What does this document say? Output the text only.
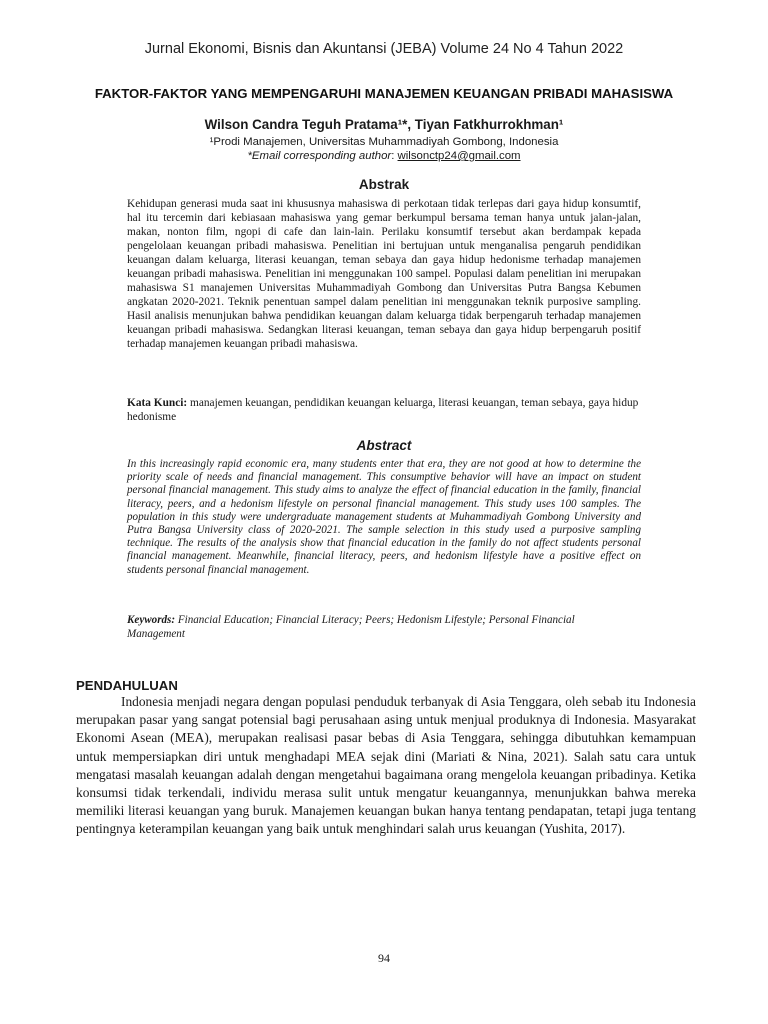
Jurnal Ekonomi, Bisnis dan Akuntansi (JEBA) Volume 24 No 4 Tahun 2022
FAKTOR-FAKTOR YANG MEMPENGARUHI MANAJEMEN KEUANGAN PRIBADI MAHASISWA
Wilson Candra Teguh Pratama¹*, Tiyan Fatkhurrokhman¹
¹Prodi Manajemen, Universitas Muhammadiyah Gombong, Indonesia
*Email corresponding author: wilsonctp24@gmail.com
Abstrak
Kehidupan generasi muda saat ini khususnya mahasiswa di perkotaan tidak terlepas dari gaya hidup konsumtif, hal itu tercemin dari kebiasaan mahasiswa yang gemar berkumpul bersama teman hanya untuk jalan-jalan, makan, nonton film, ngopi di cafe dan lain-lain. Perilaku konsumtif tersebut akan berdampak kepada pengelolaan keuangan pribadi mahasiswa. Penelitian ini bertujuan untuk menganalisa pengaruh pendidikan keuangan dalam keluarga, literasi keuangan, teman sebaya dan gaya hidup hedonisme terhadap manajemen keuangan pribadi mahasiswa. Penelitian ini menggunakan 100 sampel. Populasi dalam penelitian ini merupakan mahasiswa S1 manajemen Universitas Muhammadiyah Gombong dan Universitas Putra Bangsa Kebumen angkatan 2020-2021. Teknik penentuan sampel dalam penelitian ini menggunakan teknik purposive sampling. Hasil analisis menunjukan bahwa pendidikan keuangan dalam keluarga tidak berpengaruh terhadap manajemen keuangan pribadi mahasiswa. Sedangkan literasi keuangan, teman sebaya dan gaya hidup berpengaruh positif terhadap manajemen keuangan pribadi mahasiswa.
Kata Kunci: manajemen keuangan, pendidikan keuangan keluarga, literasi keuangan, teman sebaya, gaya hidup hedonisme
Abstract
In this increasingly rapid economic era, many students enter that era, they are not good at how to determine the priority scale of needs and financial management. This consumptive behavior will have an impact on student personal financial management. This study aims to analyze the effect of financial education in the family, financial literacy, peers, and a hedonism lifestyle on personal financial management. This study uses 100 samples. The population in this study were undergraduate management students at Muhammadiyah Gombong University and Putra Bangsa University class of 2020-2021. The sample selection in this study used a purposive sampling technique. The results of the analysis show that financial education in the family do not affect students personal financial management. Meanwhile, financial literacy, peers, and hedonism lifestyle have a positive effect on students personal financial management.
Keywords: Financial Education; Financial Literacy; Peers; Hedonism Lifestyle; Personal Financial Management
PENDAHULUAN
Indonesia menjadi negara dengan populasi penduduk terbanyak di Asia Tenggara, oleh sebab itu Indonesia merupakan pasar yang sangat potensial bagi perusahaan asing untuk menjual produknya di Indonesia. Masyarakat Ekonomi Asean (MEA), merupakan realisasi pasar bebas di Asia Tenggara, sehingga dibutuhkan kemampuan untuk mempersiapkan diri untuk menghadapi MEA sejak dini (Mariati & Nina, 2021). Salah satu cara untuk mengatasi masalah keuangan adalah dengan mengetahui bagaimana orang mengelola keuangan pribadinya. Ketika konsumsi tidak terkendali, individu merasa sulit untuk mengatur keuangannya, menunjukkan bahwa mereka memiliki literasi keuangan yang buruk. Manajemen keuangan bukan hanya tentang pendapatan, tetapi juga tentang pentingnya keterampilan keuangan yang baik untuk menghindari salah urus keuangan (Yushita, 2017).
94
